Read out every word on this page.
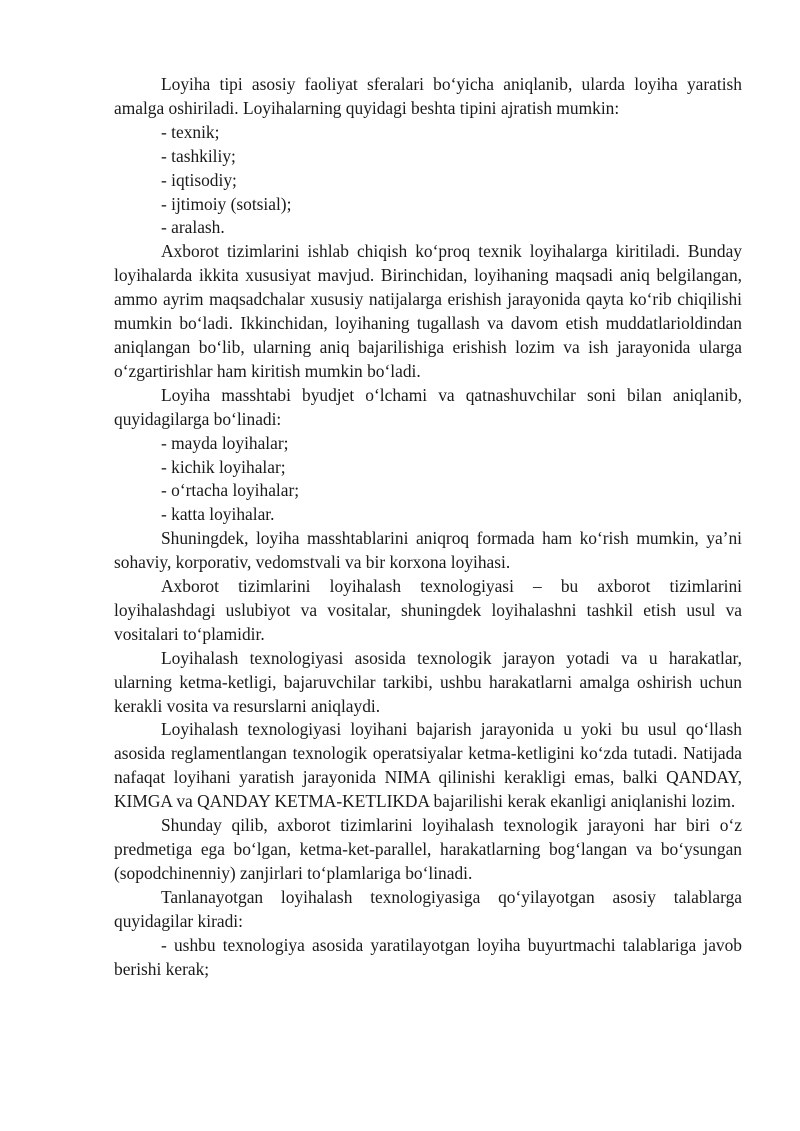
Loyiha tipi asosiy faoliyat sferalari bo‘yicha aniqlanib, ularda loyiha yaratish amalga oshiriladi. Loyihalarning quyidagi beshta tipini ajratish mumkin:

- texnik;

- tashkiliy;

- iqtisodiy;

- ijtimoiy (sotsial);

- aralash.

Axborot tizimlarini ishlab chiqish ko‘proq texnik loyihalarga kiritiladi. Bunday loyihalarda ikkita xususiyat mavjud. Birinchidan, loyihaning maqsadi aniq belgilangan, ammo ayrim maqsadchalar xususiy natijalarga erishish jarayonida qayta ko‘rib chiqilishi mumkin bo‘ladi. Ikkinchidan, loyihaning tugallash va davom etish muddatlarioldindan aniqlangan bo‘lib, ularning aniq bajarilishiga erishish lozim va ish jarayonida ularga o‘zgartirishlar ham kiritish mumkin bo‘ladi.

Loyiha masshtabi byudjet o‘lchami va qatnashuvchilar soni bilan aniqlanib, quyidagilarga bo‘linadi:

- mayda loyihalar;

- kichik loyihalar;

- o‘rtacha loyihalar;

- katta loyihalar.

Shuningdek, loyiha masshtablarini aniqroq formada ham ko‘rish mumkin, ya’ni sohaviy, korporativ, vedomstvali va bir korxona loyihasi.

Axborot tizimlarini loyihalash texnologiyasi – bu axborot tizimlarini loyihalashdagi uslubiyot va vositalar, shuningdek loyihalashni tashkil etish usul va vositalari to‘plamidir.

Loyihalash texnologiyasi asosida texnologik jarayon yotadi va u harakatlar, ularning ketma-ketligi, bajaruvchilar tarkibi, ushbu harakatlarni amalga oshirish uchun kerakli vosita va resurslarni aniqlaydi.

Loyihalash texnologiyasi loyihani bajarish jarayonida u yoki bu usul qo‘llash asosida reglamentlangan texnologik operatsiyalar ketma-ketligini ko‘zda tutadi. Natijada nafaqat loyihani yaratish jarayonida NIMA qilinishi kerakligi emas, balki QANDAY, KIMGA va QANDAY KETMA-KETLIKDA bajarilishi kerak ekanligi aniqlanishi lozim.

Shunday qilib, axborot tizimlarini loyihalash texnologik jarayoni har biri o‘z predmetiga ega bo‘lgan, ketma-ket-parallel, harakatlarning bog‘langan va bo‘ysungan (sopodchinenniy) zanjirlari to‘plamlariga bo‘linadi.

Tanlanayotgan loyihalash texnologiyasiga qo‘yilayotgan asosiy talablarga quyidagilar kiradi:

- ushbu texnologiya asosida yaratilayotgan loyiha buyurtmachi talablariga javob berishi kerak;
